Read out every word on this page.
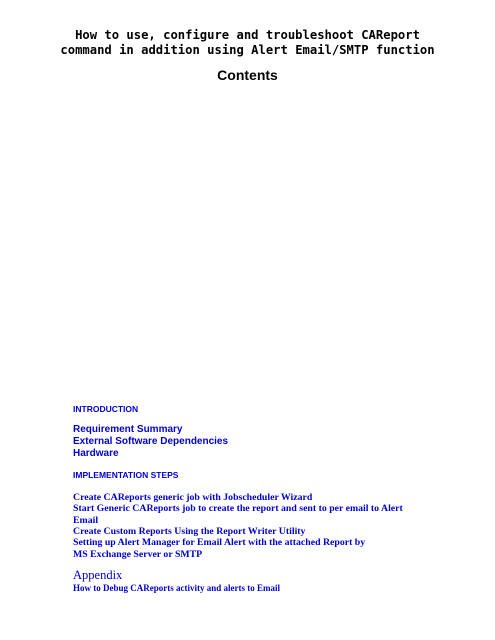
How to use, configure and troubleshoot CAReport
command in addition using Alert Email/SMTP function
Contents
INTRODUCTION
Requirement Summary
External Software Dependencies
Hardware
IMPLEMENTATION STEPS
Create CAReports generic job with Jobscheduler Wizard
Start Generic CAReports job to create the report and sent to per email to Alert Email
Create Custom Reports Using the Report Writer Utility
Setting up Alert Manager for Email Alert with the attached Report by MS Exchange Server or SMTP
Appendix
How to Debug CAReports activity and alerts to Email
